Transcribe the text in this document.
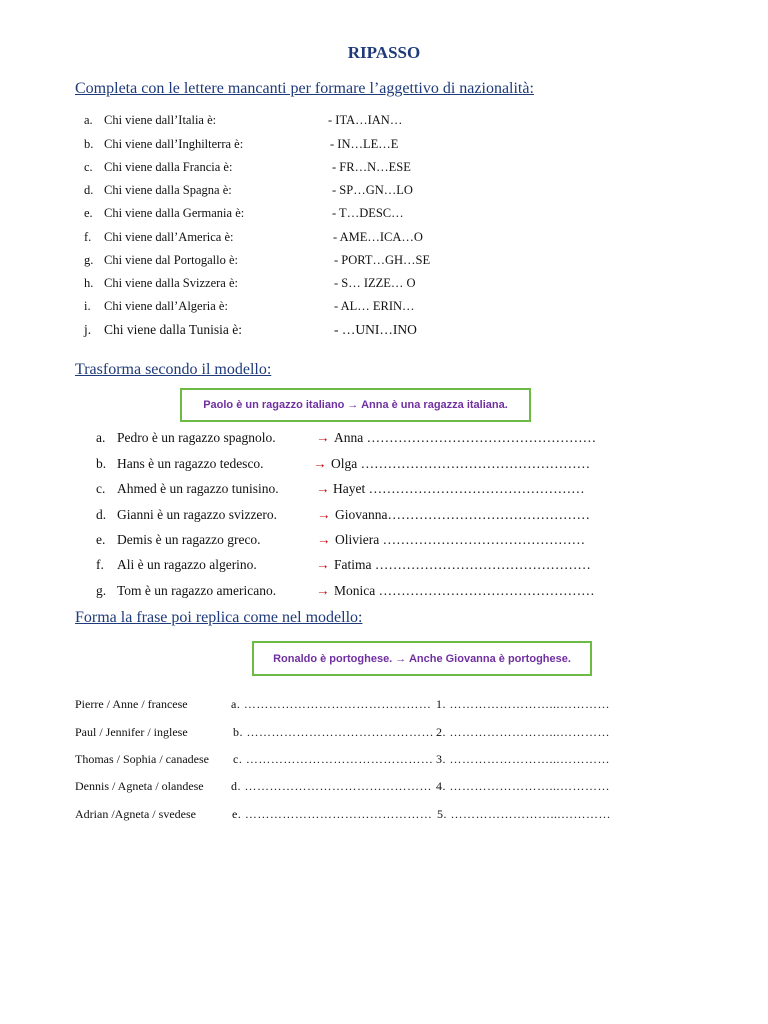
RIPASSO
Completa con le lettere mancanti per formare l’aggettivo di nazionalità:
a. Chi viene dall’Italia è:	- ITA…IAN…
b. Chi viene dall’Inghilterra è:	- IN…LE…E
c. Chi viene dalla Francia è:	- FR…N…ESE
d. Chi viene dalla Spagna è:	- SP…GN…LO
e. Chi viene dalla Germania è:	- T…DESC…
f. Chi viene dall’America è:	- AME…ICA…O
g. Chi viene dal Portogallo è:	- PORT…GH…SE
h. Chi viene dalla Svizzera è:	- S… IZZE… O
i. Chi viene dall’Algeria è:	- AL… ERIN…
j. Chi viene dalla Tunisia è:	- …UNI…INO
Trasforma secondo il modello:
Paolo è un ragazzo italiano → Anna è una ragazza italiana.
a. Pedro è un ragazzo spagnolo.	→ Anna ……………………………………………
b. Hans è un ragazzo tedesco.	→ Olga ……………………………………………
c. Ahmed è un ragazzo tunisino.	→ Hayet …………………………………………
d. Gianni è un ragazzo svizzero.	→ Giovanna………………………………………
e. Demis è un ragazzo greco.	→ Oliviera ………………………………………
f. Ali è un ragazzo algerino.	→ Fatima …………………………………………
g. Tom è un ragazzo americano.	→ Monica …………………………………………
Forma la frase poi replica come nel modello:
Ronaldo è portoghese. → Anche Giovanna è portoghese.
Pierre / Anne / francese	a. ……………………………………… 1. ……………………...…………
Paul / Jennifer / inglese	b. ……………………………………… 2. ……………………...…………
Thomas / Sophia / canadese c. ……………………………………… 3. ……………………...…………
Dennis / Agneta / olandese d. ……………………………………… 4. ……………………...…………
Adrian /Agneta / svedese	e. ……………………………………… 5. ……………………...…………
